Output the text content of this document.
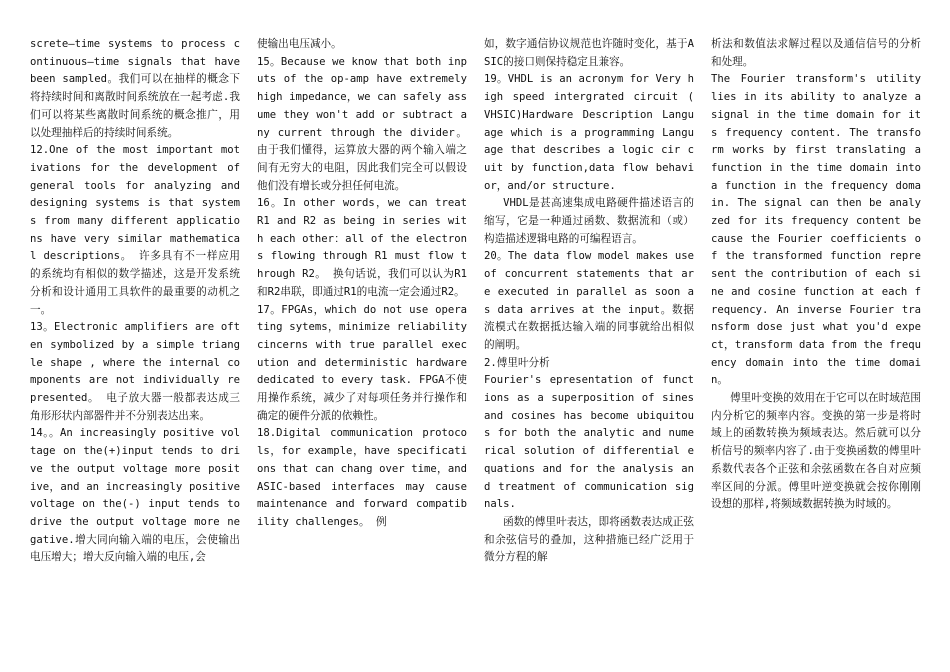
screte—time systems to process continuous—time signals that have been sampled。我们可以在抽样的概念下将持续时间和离散时间系统放在一起考虑.我们可以将某些离散时间系统的概念推广，用以处理抽样后的持续时间系统。

12.One of the most important motivations for the development of general tools for analyzing and designing systems is that systems from many different applications have very similar mathematical descriptions。 许多具有不一样应用的系统均有相似的数学描述，这是开发系统分析和设计通用工具软件的最重要的动机之一。

13。Electronic amplifiers are often symbolized by a simple triangle shape , where the internal components are not individually represented。 电子放大器一般都表达成三角形形状内部器件并不分别表达出来。

14。。An increasingly positive voltage on the(+)input tends to drive the output voltage more positive，and an increasingly positive voltage on the(-) input tends to drive the output voltage more negative.增大同向输入端的电压，会使输出电压增大；增大反向输入端的电压,会

使输出电压减小。

15。Because we know that both inputs of the op-amp have extremely high impedance，we can safely assume they won't add or subtract any current through the divider。 由于我们懂得，运算放大器的两个输入端之间有无穷大的电阻，因此我们完全可以假设他们没有增长或分担任何电流。

16。In other words，we can treat R1 and R2 as being in series with each other：all of the electrons flowing through R1 must flow through R2。 换句话说，我们可以认为R1和R2串联，即通过R1的电流一定会通过R2。

17。FPGAs，which do not use operating sytems，minimize reliability cincerns with true parallel execution and deterministic hardware dedicated to every task. FPGA不使用操作系统，减少了对每项任务并行操作和确定的硬件分派的依赖性。

18.Digital communication protocols，for example，have specifications that can chang over time，and ASIC-based interfaces may cause maintenance and forward compatibility challenges。 例

如，数字通信协议规范也许随时变化，基于ASIC的接口则保持稳定且兼容。

19。VHDL is an acronym for Very high speed intergrated circuit ( VHSIC)Hardware Description Language which is a programming Language that describes a logic cir cuit by function,data flow behavior，and/or structure.

VHDL是甚高速集成电路硬件描述语言的缩写，它是一种通过函数、数据流和（或）构造描述逻辑电路的可编程语言。

20。The data flow model makes use of concurrent statements that are executed in parallel as soon as data arrives at the input。数据流模式在数据抵达输入端的同事就给出相似的阐明。

2.傅里叶分析

Fourier's epresentation of functions as a superposition of sines and cosines has become ubiquitous for both the analytic and numerical solution of differential equations and for the analysis and treatment of communication signals.

函数的傅里叶表达，即将函数表达成正弦和余弦信号的叠加，这种措施已经广泛用于微分方程的解

析法和数值法求解过程以及通信信号的分析和处理。

The Fourier transform's utility lies in its ability to analyze a signal in the time domain for its frequency content. The transform works by first translating a function in the time domain into a function in the frequency domain. The signal can then be analyzed for its frequency content because the Fourier coefficients of the transformed function represent the contribution of each sine and cosine function at each frequency. An inverse Fourier transform dose just what you'd expect，transform data from the frequency domain into the time domain。

傅里叶变换的效用在于它可以在时域范围内分析它的频率内容。变换的第一步是将时域上的函数转换为频域表达。然后就可以分析信号的频率内容了.由于变换函数的傅里叶系数代表各个正弦和余弦函数在各自对应频率区间的分派。傅里叶逆变换就会按你刚刚设想的那样,将频域数据转换为时域的。
